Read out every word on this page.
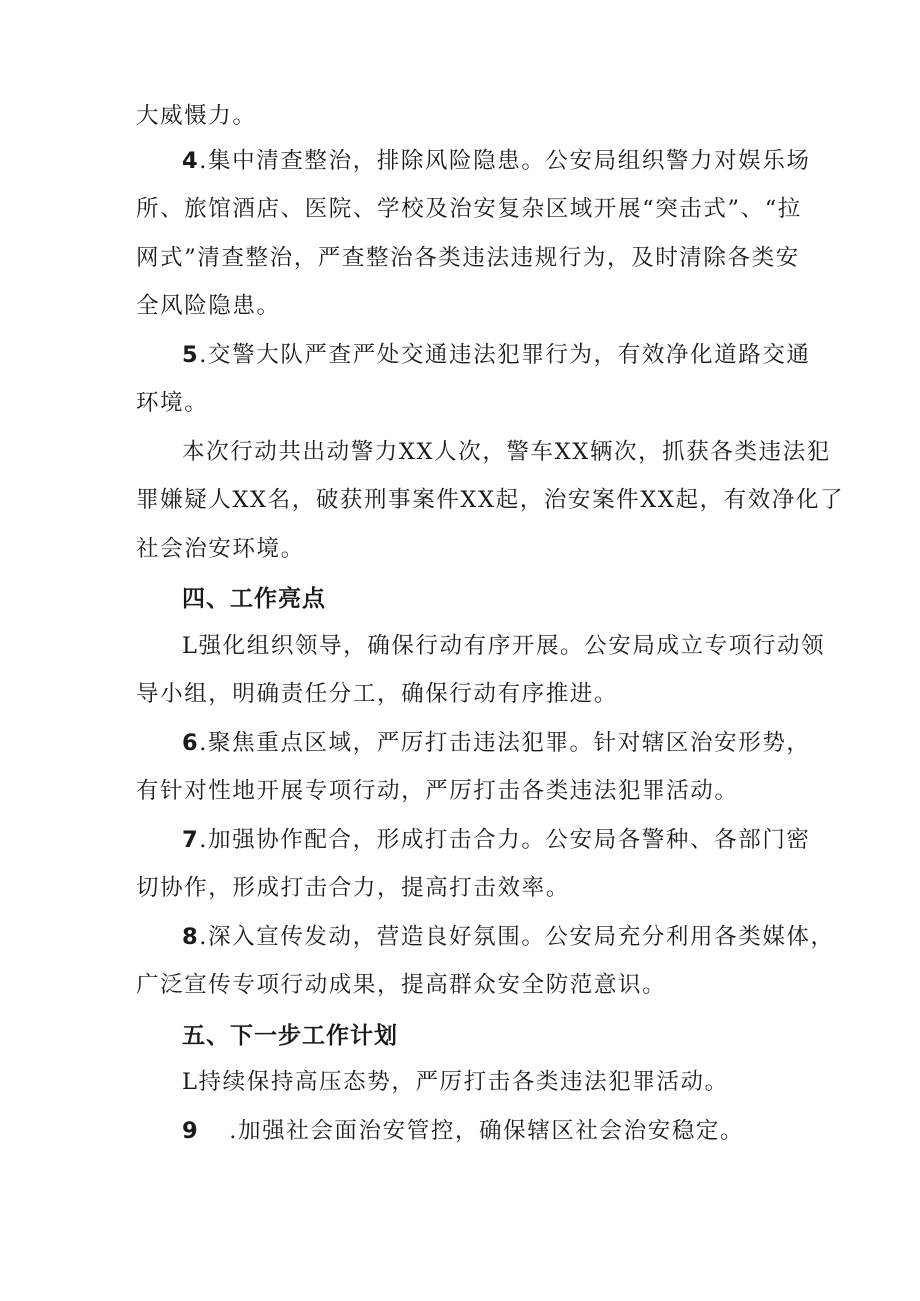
大威慑力。
4.集中清查整治，排除风险隐患。公安局组织警力对娱乐场
所、旅馆酒店、医院、学校及治安复杂区域开展“突击式”、“拉
网式”清查整治，严查整治各类违法违规行为，及时清除各类安
全风险隐患。
5.交警大队严查严处交通违法犯罪行为，有效净化道路交通
环境。
本次行动共出动警力XX人次，警车XX辆次，抓获各类违法犯
罪嫌疑人XX名，破获刑事案件XX起，治安案件XX起，有效净化了
社会治安环境。
四、工作亮点
L强化组织领导，确保行动有序开展。公安局成立专项行动领
导小组，明确责任分工，确保行动有序推进。
6.聚焦重点区域，严厉打击违法犯罪。针对辖区治安形势，
有针对性地开展专项行动，严厉打击各类违法犯罪活动。
7.加强协作配合，形成打击合力。公安局各警种、各部门密
切协作，形成打击合力，提高打击效率。
8.深入宣传发动，营造良好氛围。公安局充分利用各类媒体，
广泛宣传专项行动成果，提高群众安全防范意识。
五、下一步工作计划
L持续保持高压态势，严厉打击各类违法犯罪活动。
9 .加强社会面治安管控，确保辖区社会治安稳定。
